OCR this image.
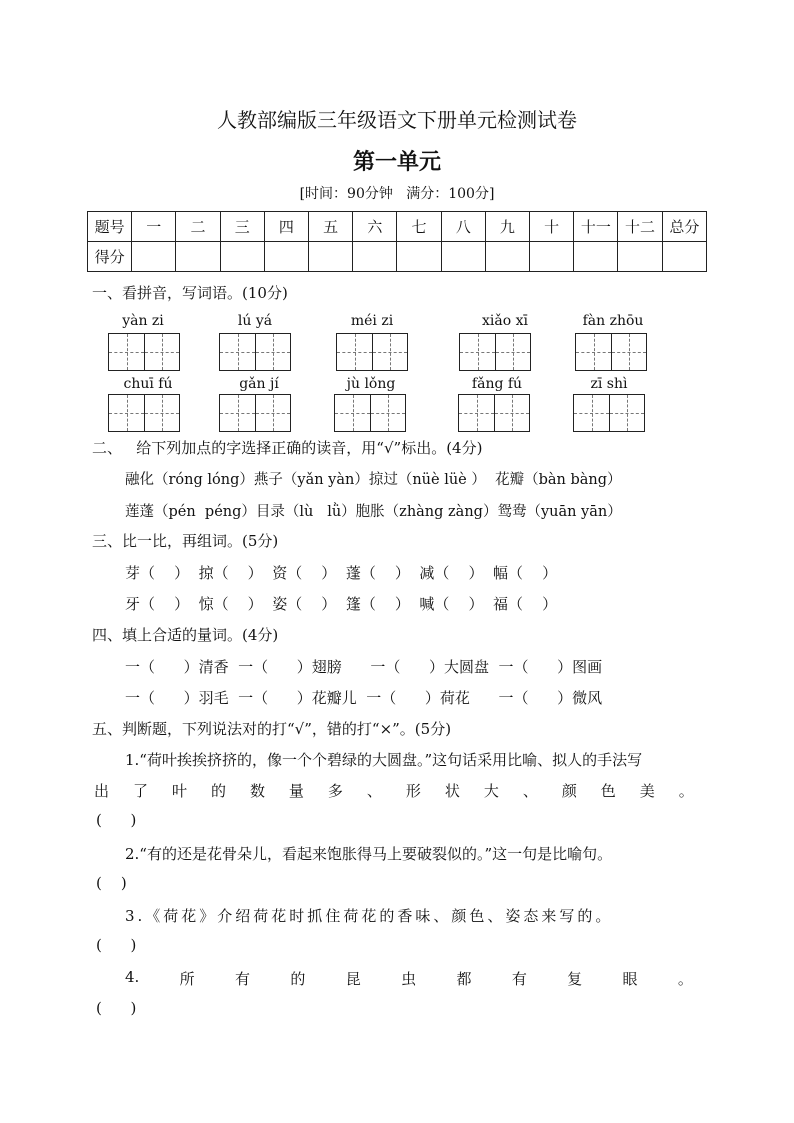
人教部编版三年级语文下册单元检测试卷
第一单元
[时间：90分钟   满分：100分]
题号	一	二	三	四	五	六	七	八	九	十	十一	十二	总分
得分													
一、看拼音，写词语。(10分)
yàn zi	lú yá	méi zi	xiǎo xī	fàn zhōu
chuī fú	gǎn jí	jù lǒng	fǎng fú	zī shì
二、   给下列加点的字选择正确的读音，用“√”标出。(4分)
融化（róng lóng）燕子（yǎn yàn）掠过（nüè lüè ）  花瓣（bàn bàng）
莲蓬（pén  péng）目录（lù   lǜ）胞胀（zhàng zàng）鸳鸯（yuān yān）
三、比一比，再组词。(5分)
芽（    ）  掠（    ）  资（    ）  蓬（    ）  减（    ）  幅（    ）
牙（    ）  惊（    ）  姿（    ）  篷（    ）  喊（    ）  福（    ）
四、填上合适的量词。(4分)
一（      ）清香  一（      ）翅膀      一（      ）大圆盘  一（      ）图画
一（      ）羽毛  一（      ）花瓣儿  一（      ）荷花      一（      ）微风
五、判断题，下列说法对的打“√”，错的打“×”。(5分)
1.“荷叶挨挨挤挤的，像一个个碧绿的大圆盘。”这句话采用比喻、拟人的手法写
出 了 叶 的 数 量 多 、 形 状 大 、 颜 色 美 。
(      )
2.“有的还是花骨朵儿，看起来饱胀得马上要破裂似的。”这一句是比喻句。
(    )
3.《荷花》介绍荷花时抓住荷花的香味、颜色、姿态来写的。
(      )
4.	所	有	的	昆	虫	都	有	复	眼	。
(      )
